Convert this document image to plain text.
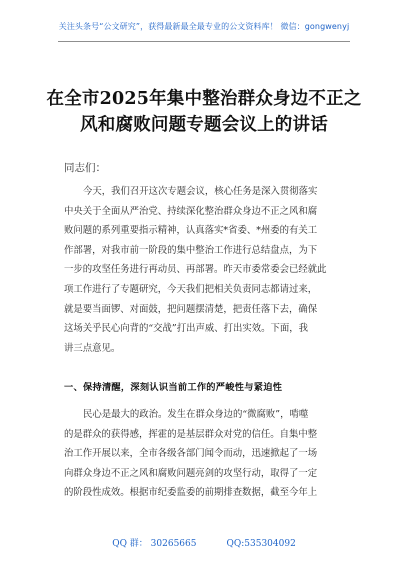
关注头条号“公文研究”，获得最新最全最专业的公文资料库！ 微信：gongwenyj
在全市2025年集中整治群众身边不正之
风和腐败问题专题会议上的讲话
同志们：
今天，我们召开这次专题会议，核心任务是深入贯彻落实
中央关于全面从严治党、持续深化整治群众身边不正之风和腐
败问题的系列重要指示精神，认真落实*省委、*州委的有关工
作部署，对我市前一阶段的集中整治工作进行总结盘点，为下
一步的攻坚任务进行再动员、再部署。昨天市委常委会已经就此
项工作进行了专题研究，今天我们把相关负责同志都请过来，
就是要当面锣、对面鼓，把问题摆清楚，把责任落下去，确保
这场关乎民心向背的“交战”打出声威、打出实效。下面，我
讲三点意见。
一、保持清醒，深刻认识当前工作的严峻性与紧迫性
民心是最大的政治。发生在群众身边的“微腐败”，啃噬
的是群众的获得感，挥霍的是基层群众对党的信任。自集中整
治工作开展以来，全市各级各部门闻令而动，迅速掀起了一场
向群众身边不正之风和腐败问题亮剑的攻坚行动，取得了一定
的阶段性成效。根据市纪委监委的前期排查数据，截至今年上
QQ 群： 30265665	QQ:535304092
